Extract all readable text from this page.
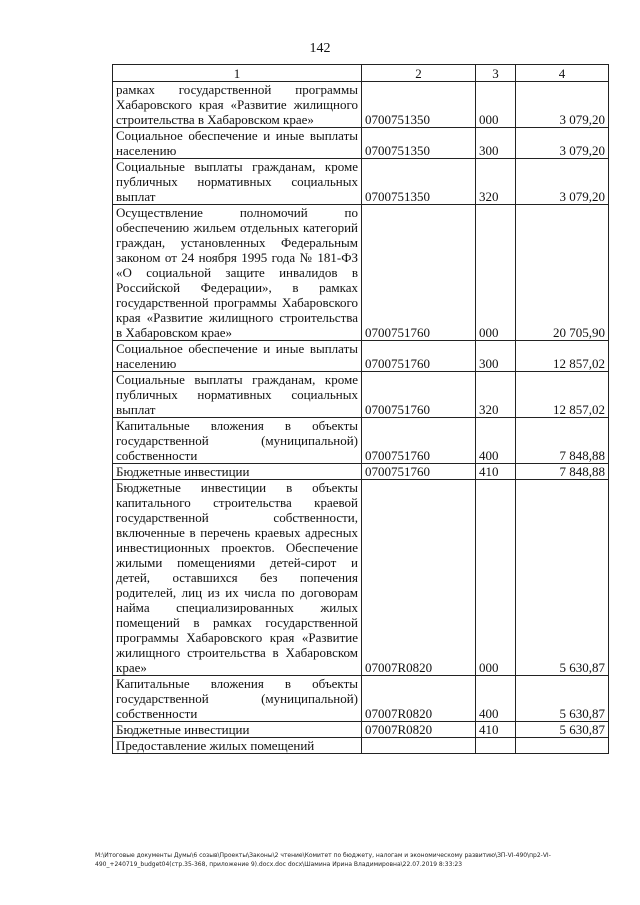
142
1	2	3	4
рамках государственной программы Хабаровского края «Развитие жилищного строительства в Хабаровском крае»	0700751350	000	3 079,20
Социальное обеспечение и иные выплаты населению	0700751350	300	3 079,20
Социальные выплаты гражданам, кроме публичных нормативных социальных выплат	0700751350	320	3 079,20
Осуществление полномочий по обеспечению жильем отдельных категорий граждан, установленных Федеральным законом от 24 ноября 1995 года № 181-ФЗ «О социальной защите инвалидов в Российской Федерации», в рамках государственной программы Хабаровского края «Развитие жилищного строительства в Хабаровском крае»	0700751760	000	20 705,90
Социальное обеспечение и иные выплаты населению	0700751760	300	12 857,02
Социальные выплаты гражданам, кроме публичных нормативных социальных выплат	0700751760	320	12 857,02
Капитальные вложения в объекты государственной (муниципальной) собственности	0700751760	400	7 848,88
Бюджетные инвестиции	0700751760	410	7 848,88
Бюджетные инвестиции в объекты капитального строительства краевой государственной собственности, включенные в перечень краевых адресных инвестиционных проектов. Обеспечение жилыми помещениями детей-сирот и детей, оставшихся без попечения родителей, лиц из их числа по договорам найма специализированных жилых помещений в рамках государственной программы Хабаровского края «Развитие жилищного строительства в Хабаровском крае»	07007R0820	000	5 630,87
Капитальные вложения в объекты государственной (муниципальной) собственности	07007R0820	400	5 630,87
Бюджетные инвестиции	07007R0820	410	5 630,87
Предоставление жилых помещений			
M:\Итоговые документы Думы\6 созыв\Проекты\Законы\2 чтение\Комитет по бюджету, налогам и экономическому развитию\ЗП-VI-490\пр2-VI-490_+240719_budget04(стр.35-368, приложение 9).docx.doc docx\Шамина Ирина Владимировна\22.07.2019 8:33:23
